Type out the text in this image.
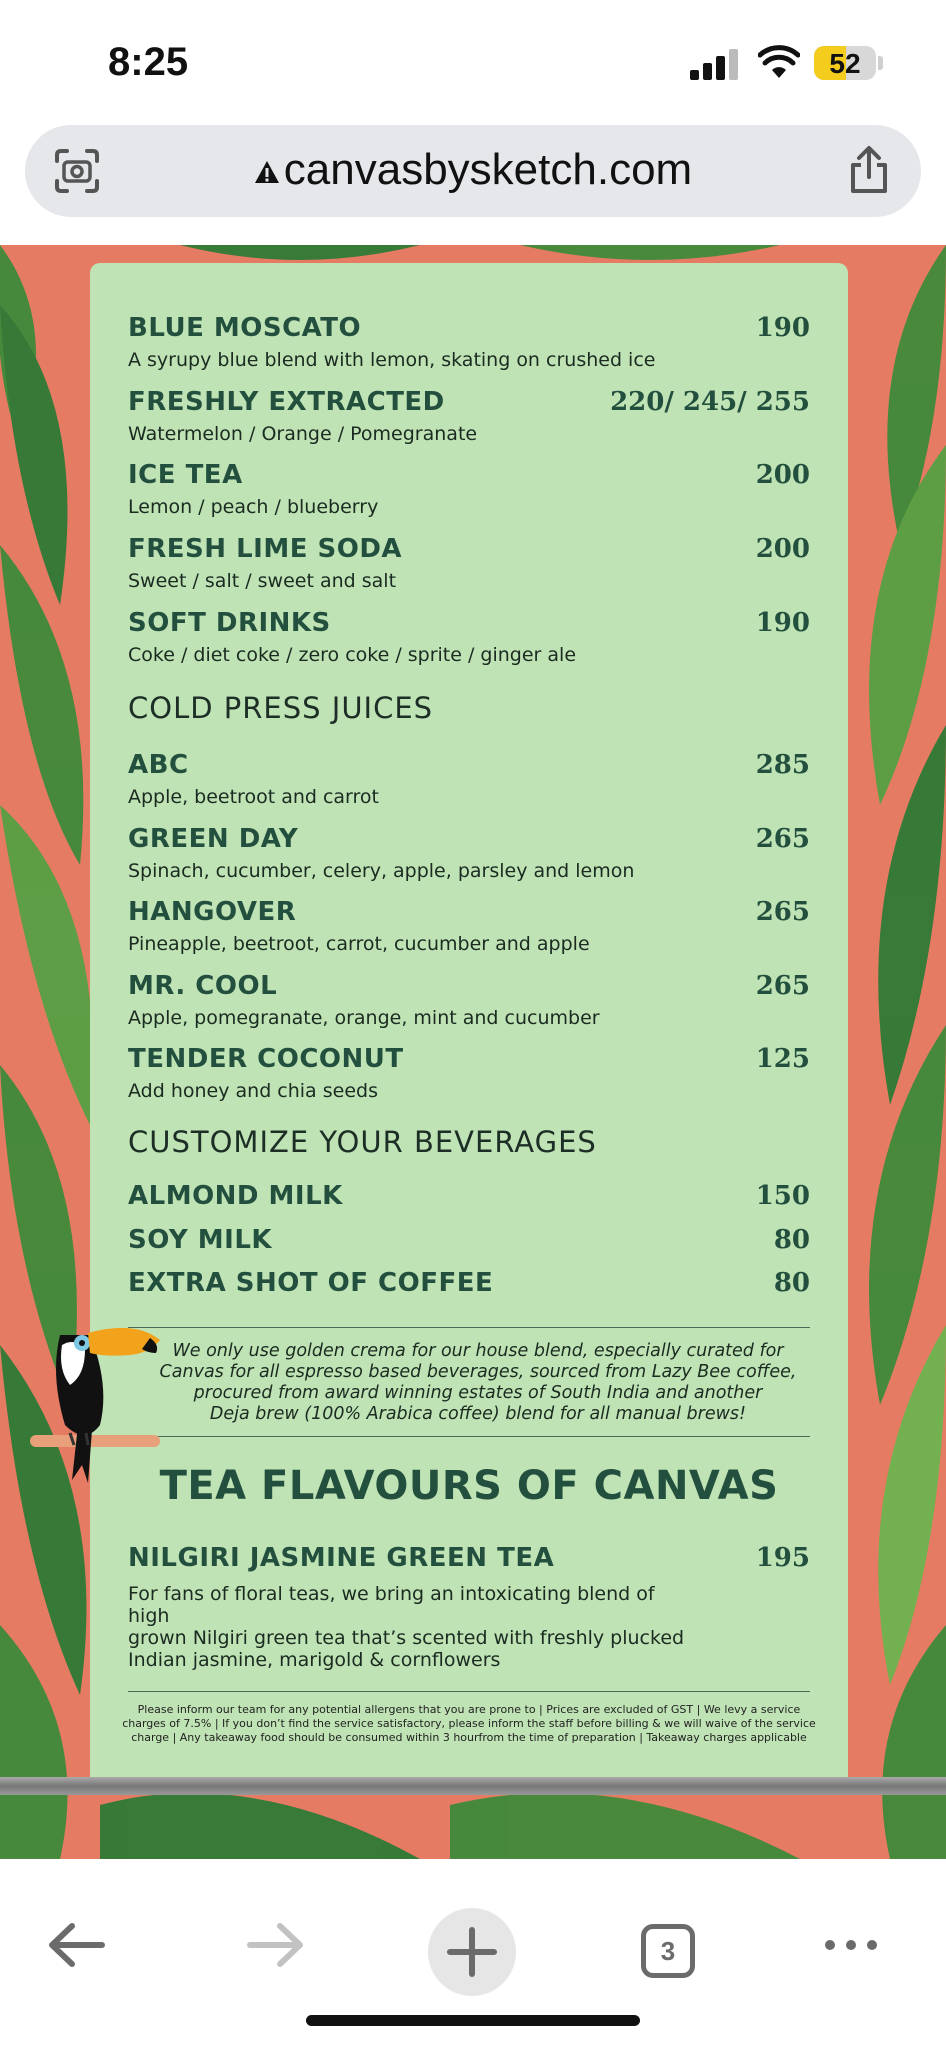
8:25	52
canvasbysketch.com
BLUE MOSCATO	190
A syrupy blue blend with lemon, skating on crushed ice
FRESHLY EXTRACTED	220/ 245/ 255
Watermelon / Orange / Pomegranate
ICE TEA	200
Lemon / peach / blueberry
FRESH LIME SODA	200
Sweet / salt / sweet and salt
SOFT DRINKS	190
Coke / diet coke / zero coke / sprite / ginger ale
COLD PRESS JUICES
ABC	285
Apple, beetroot and carrot
GREEN DAY	265
Spinach, cucumber, celery, apple, parsley and lemon
HANGOVER	265
Pineapple, beetroot, carrot, cucumber and apple
MR. COOL	265
Apple, pomegranate, orange, mint and cucumber
TENDER COCONUT	125
Add honey and chia seeds
CUSTOMIZE YOUR BEVERAGES
ALMOND MILK	150
SOY MILK	80
EXTRA SHOT OF COFFEE	80
We only use golden crema for our house blend, especially curated for
Canvas for all espresso based beverages, sourced from Lazy Bee coffee,
procured from award winning estates of South India and another
Deja brew (100% Arabica coffee) blend for all manual brews!
TEA FLAVOURS OF CANVAS
NILGIRI JASMINE GREEN TEA	195
For fans of floral teas, we bring an intoxicating blend of high
grown Nilgiri green tea that’s scented with freshly plucked
Indian jasmine, marigold & cornflowers
Please inform our team for any potential allergens that you are prone to | Prices are excluded of GST | We levy a service
charges of 7.5% | If you don’t find the service satisfactory, please inform the staff before billing & we will waive of the service
charge | Any takeaway food should be consumed within 3 hourfrom the time of preparation | Takeaway charges applicable
3
